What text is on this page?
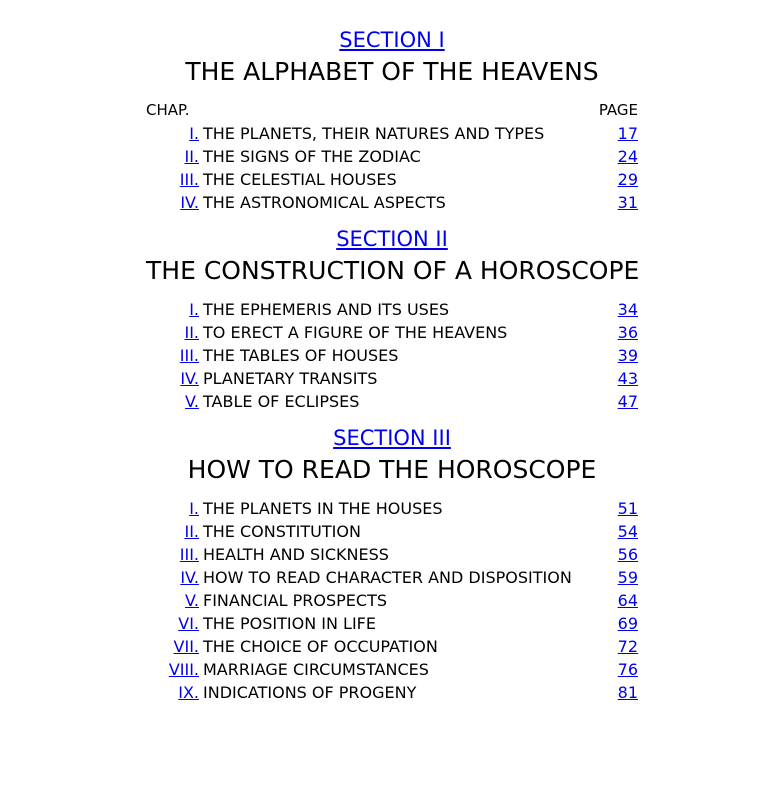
SECTION I
THE ALPHABET OF THE HEAVENS
CHAP.	PAGE
I. THE PLANETS, THEIR NATURES AND TYPES	17
II. THE SIGNS OF THE ZODIAC	24
III. THE CELESTIAL HOUSES	29
IV. THE ASTRONOMICAL ASPECTS	31
SECTION II
THE CONSTRUCTION OF A HOROSCOPE
I. THE EPHEMERIS AND ITS USES	34
II. TO ERECT A FIGURE OF THE HEAVENS	36
III. THE TABLES OF HOUSES	39
IV. PLANETARY TRANSITS	43
V. TABLE OF ECLIPSES	47
SECTION III
HOW TO READ THE HOROSCOPE
I. THE PLANETS IN THE HOUSES	51
II. THE CONSTITUTION	54
III. HEALTH AND SICKNESS	56
IV. HOW TO READ CHARACTER AND DISPOSITION	59
V. FINANCIAL PROSPECTS	64
VI. THE POSITION IN LIFE	69
VII. THE CHOICE OF OCCUPATION	72
VIII. MARRIAGE CIRCUMSTANCES	76
IX. INDICATIONS OF PROGENY	81
